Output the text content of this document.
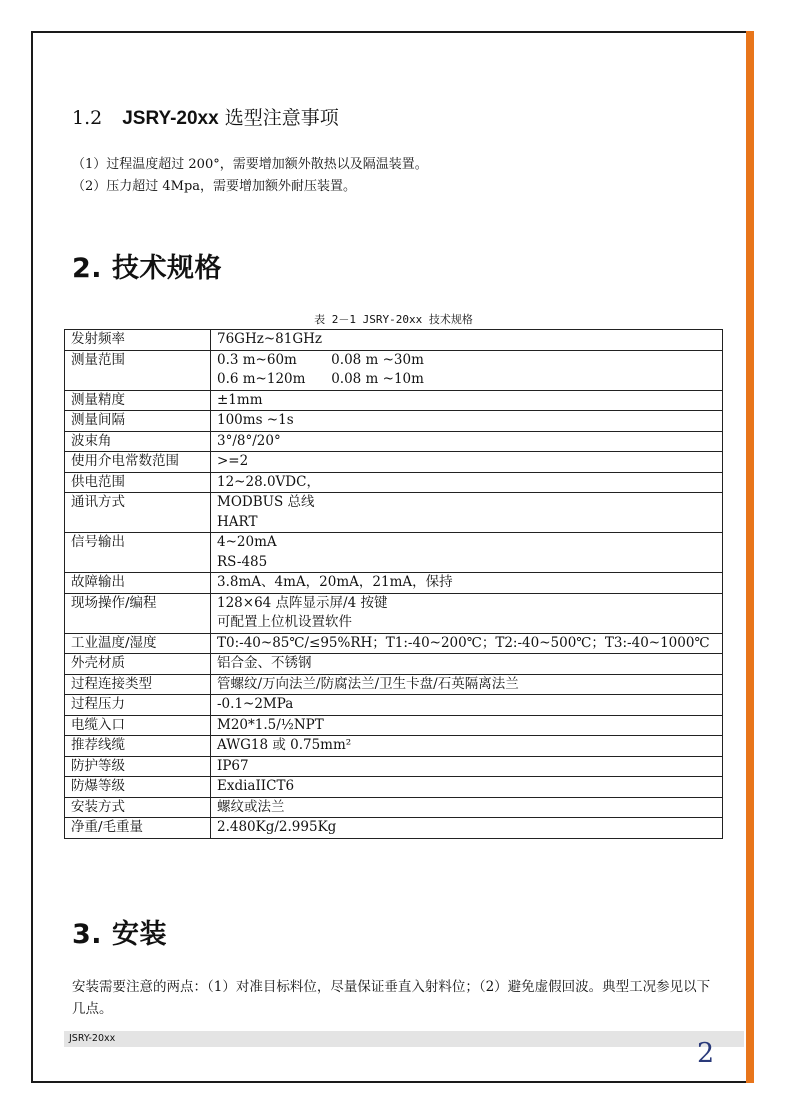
1.2 JSRY-20xx 选型注意事项
（1）过程温度超过 200°，需要增加额外散热以及隔温装置。
（2）压力超过 4Mpa，需要增加额外耐压装置。
2. 技术规格
表 2－1 JSRY-20xx 技术规格
发射频率	76GHz~81GHz

测量范围	0.3 m~60m        0.08 m ~30m
0.6 m~120m      0.08 m ~10m

测量精度	±1mm

测量间隔	100ms ~1s

波束角	3°/8°/20°

使用介电常数范围	>=2

供电范围	12~28.0VDC，

通讯方式	MODBUS 总线
HART

信号输出	4~20mA
RS-485

故障输出	3.8mA、4mA，20mA，21mA，保持

现场操作/编程	128×64 点阵显示屏/4 按键
可配置上位机设置软件

工业温度/湿度	T0:-40~85℃/≤95%RH；T1:-40~200℃；T2:-40~500℃；T3:-40~1000℃

外壳材质	铝合金、不锈钢

过程连接类型	管螺纹/万向法兰/防腐法兰/卫生卡盘/石英隔离法兰

过程压力	-0.1~2MPa

电缆入口	M20*1.5/½NPT

推荐线缆	AWG18 或 0.75mm²

防护等级	IP67

防爆等级	ExdiaIICT6

安装方式	螺纹或法兰

净重/毛重量	2.480Kg/2.995Kg
3. 安装
安装需要注意的两点：（1）对准目标料位，尽量保证垂直入射料位；（2）避免虚假回波。典型工况参见以下几点。
JSRY-20xx	2
